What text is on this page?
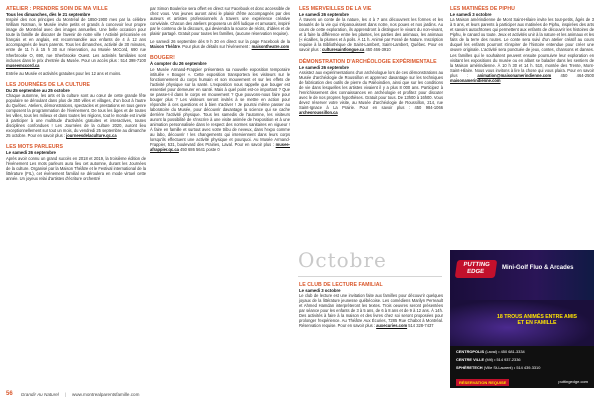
ATELIER : PRENDRE SOIN DE MA VILLE
Tous les dimanches, dès le 21 septembre
Inspiré des nos principes du Montréal de 1850-1900 mes par la célèbre William Notman, le Musée invite petits et grands à concevoir leur propre image de Montréal avec des images annuelles. Une belle occasion pour toute la famille de discuter de l'avenir de notre ville ! Activité préconisée en français et en anglais, est recommandée aux enfants de 4 à 12 ans accompagnés de leurs parents. Tous les dimanches, activité de 30 minutes, entre de 11 h à 15 h 30 sur réservation, au Musée McCord, 690 rue Sherbrooke O, 690, rue Sherbrooke Ouest. Les activités familiales sont incluses dans le prix d'entrée du Musée. Pour un accès plus : 514 398-7100 museemccord.ca
Entrée au Musée et activités gratuites pour les 12 ans et moins.
LES JOURNÉES DE LA CULTURE
Du 25 septembre au 25 octobre
Chaque automne, les arts et la culture sont au cœur de cette grande fête populaire se déroulant dans plus de 350 villes et villages, d'un bout à l'autre du Québec. Ateliers, démonstrations, spectacles et prestations en tous genre composent la programmation de l'événement. De tous les âges et de toutes les villes, tous les milieux et dans toutes les régions, tout le monde est invité à participer à une multitude d'activités gratuites et interactives, toutes disciplines confondues ! Les Journées de la culture 2020, auront lieu exceptionnellement sur tout un mois, du vendredi 25 septembre au dimanche 25 octobre. Pour en savoir plus : journeesdelaculture.qc.ca
LES MOTS PARLEURS
Le samedi 26 septembre
Après avoir connu un grand succès en 2018 et 2019, la troisième édition de l'événement Les mots parleurs aura lieu cet automne, durant les Journées de la culture. Organisé par la Maison Théâtre et le Festival international de la littérature (FIL), cet événement familial se déroulera en mode virtuel cette année. Un joyeux relai d'artistes d'écriture orchestré
par Simon Boulerice sera offert en direct sur Facebook et donc accessible de chez vous. Vos jeunes auront ainsi le plaisir d'être accompagnés par des auteurs et artistes professionnels à travers une expérience créative conviviale. Chacun des ateliers proposera un défi ludique et amusant, inspiré par le contenu de la discours, qui deviendra la source de récits, d'idées et de plaisir partagé. Gratuit pour toutes les familles, (aucune réservation requise).
Le samedi 26 septembre dès 9 h 30 en direct sur la page Facebook de la Maison Théâtre. Pour plus de détails sur l'événement : maisontheatre.com
BOUGER!
À compter du 26 septembre
Le Musée Armand-Frappier présentera sa nouvelle exposition temporaire intitulée « Bouger ». Cette exposition transportera les visiteurs sur le fonctionnement du corps humain et son mouvement et sur les effets de l'activité physique sur la santé. L'exposition nous rappelle que bouger est essentiel pour demeurer en santé. Mais à quel point est-ce important ? Que se passe-t-il dans le corps en mouvement ? Que pouvons-nous faire pour bouger plus ? Les visiteurs seront invités à se mettre en action pour répondre à ces questions et à bien s'activer ! Je pourrai même passer au laboratoire du Musée, pour découvrir davantage la science qui se cache derrière l'activité physique. Tous les samedis de l'automne, les visiteurs auront la possibilité de s'inscrire à une visite animée de l'exposition et à une animation personnalisée dans le respect des normes sanitaires en vigueur ! À faire en famille et surtout avec votre tribu de neveux, dans l'expo comme au labo, découvrir ! les changements qui interviennent dans leurs corps lorsqu'ils effectuent une activité physique et pourquoi. Au Musée Armand-Frappier, 531, boulevard des Prairies, Laval. Pour en savoir plus : musee-afrappier.qc.ca 450 686 5641 poste 0
LES MERVEILLES DE LA VIE
Le samedi 26 septembre
À travers un conte de la nature, les 4 à 7 ans découvrent les formes et les beautés de la vie qui s'épanouissent dans notre, nos poues et nos jardins. Au cours de cette exploration, ils apprendront à distinguer le vivant du non-vivant, et à faire la différence entre les plantes, les parties des animaux, les animaux (« écailles, la plumes et à poils. À 11 h. Animé par Fossé de Nature. Inscription requise à la Bibliothèque de Saint-Lambert, Saint-Lambert, Québec. Pour en savoir plus : culturesaintlongue.ca 450 466-3910
DÉMONSTRATION D'ARCHÉOLOGIE EXPÉRIMENTALE
Le samedi 26 septembre
Assistez aux expérimentations d'un archéologue lors de ces démonstrations au Musée d'archéologie de Roussillon et apprenez davantage sur les techniques de fabrication des outils de pierre du Paléoindien, ainsi que sur les conditions de vie dans lesquelles les artistes vivaient il y a plus 8 000 ans. Participez à l'enrichissement des connaissances en archéologie et profitez pour discuter avec le de nos propres hypothèses. Gratuit pour tous. De 13h00 à 16h00. Vous devez réserver votre visite, au Musée d'archéologie de Roussillon, 214, rue Saint-Ignace à La Prairie. Pour en savoir plus : 450 984-1066 archeoroussillon.ca
Octobre
LE CLUB DE LECTURE FAMILIAL
Le samedi 3 octobre
Le club de lecture est une invitation faite aux familles pour découvrir quelques joyaux de la littérature jeunesse québécoise. Les comédiens Marilyn Perreault et Ahmed Hamdan interprèteront les textes. Trois oeuvres seront présentées par séance pour les enfants de 3 à 5 ans, de 6 à 8 ans et de 9 à 12 ans. À 14h. Des activités à faire à la maison et des livres chez soi seront proposées pour prolonger l'expérience. Au Théâtre Aux Écuries, 7285 Rue Chabot à Montréal. Réservation requise. Pour en savoir plus : auxecuries.com 514 328-7437
LES MATINÉES DE PIPHU
Le samedi 3 octobre
La Maison amérindienne de Mont Saint-Hilaire invite les tout-petits, âgés de 3 à 5 ans, et leurs parents à participer aux matinées de Piphu, inspirées des arts et savoirs autochtones qui permettent aux enfants de découvrir les histoires de Piphu, le canard ou toute. Jeux et activités unir à la nature et les animaux et les faits de la terre des routes. Le conte sera suivi d'un atelier créatif au cours duquel les enfants pourront s'inspirer de l'histoire entendue pour créer une œuvre originale. L'activité sera ponctuée de jeux, contes, chansons et danses. Les familles qui le souhaitent peuvent ensuite poursuivre leur exploration en visitant les expositions du musée ou en allant se balader dans les sentiers de la Maison amérindienne. À 10 h 30 et 14 h. 510, montée des Trente, Mont-Saint-Hilaire. Nous vous invitons à lire la chose qui vous plaira. Pour en savoir plus : animation@maisonamerindienne.com 450 464-2500 maisonamerindienne.com
PUTTING EDGE
Mini-Golf Fluo & Arcades
18 TROUS ANIMÉS ENTRE AMIS ET EN FAMILLE
CENTROPOLIS (Laval) • 450 681-3334
CENTRE VILLE (Mtl) • 514 937-2336
SPHÈRETECH (Ville St-Laurent) • 514 439-3310
RÉSERVATION REQUISE	puttingedge.com
56 Grandir Au Naturel | www.montrealparentsfamille.com
